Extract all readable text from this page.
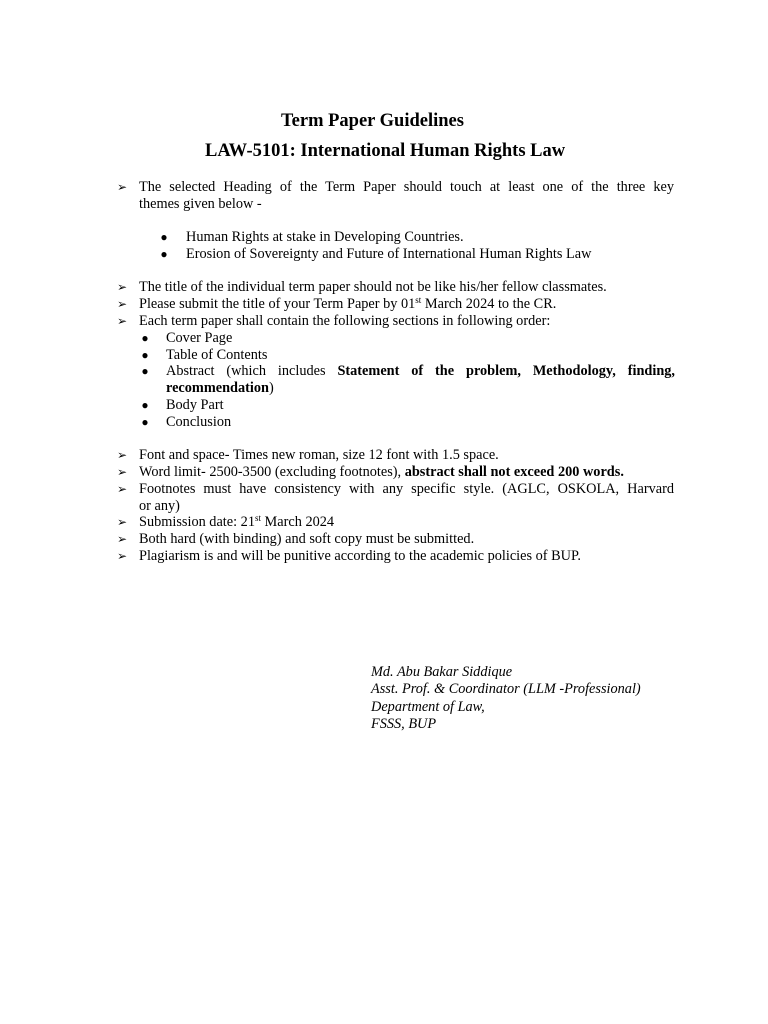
Term Paper Guidelines
LAW-5101: International Human Rights Law
➢ The selected Heading of the Term Paper should touch at least one of the three key
themes given below -
●	Human Rights at stake in Developing Countries.
●	Erosion of Sovereignty and Future of International Human Rights Law
➢ The title of the individual term paper should not be like his/her fellow classmates.
➢ Please submit the title of your Term Paper by 01st March 2024 to the CR.
➢ Each term paper shall contain the following sections in following order:
●	Cover Page
●	Table of Contents
●	Abstract (which includes Statement of the problem, Methodology, finding,
recommendation)
●	Body Part
●	Conclusion
➢ Font and space- Times new roman, size 12 font with 1.5 space.
➢ Word limit- 2500-3500 (excluding footnotes), abstract shall not exceed 200 words.
➢ Footnotes must have consistency with any specific style. (AGLC, OSKOLA, Harvard
or any)
➢ Submission date: 21st March 2024
➢ Both hard (with binding) and soft copy must be submitted.
➢ Plagiarism is and will be punitive according to the academic policies of BUP.
Md. Abu Bakar Siddique
Asst. Prof. & Coordinator (LLM -Professional)
Department of Law,
FSSS, BUP
